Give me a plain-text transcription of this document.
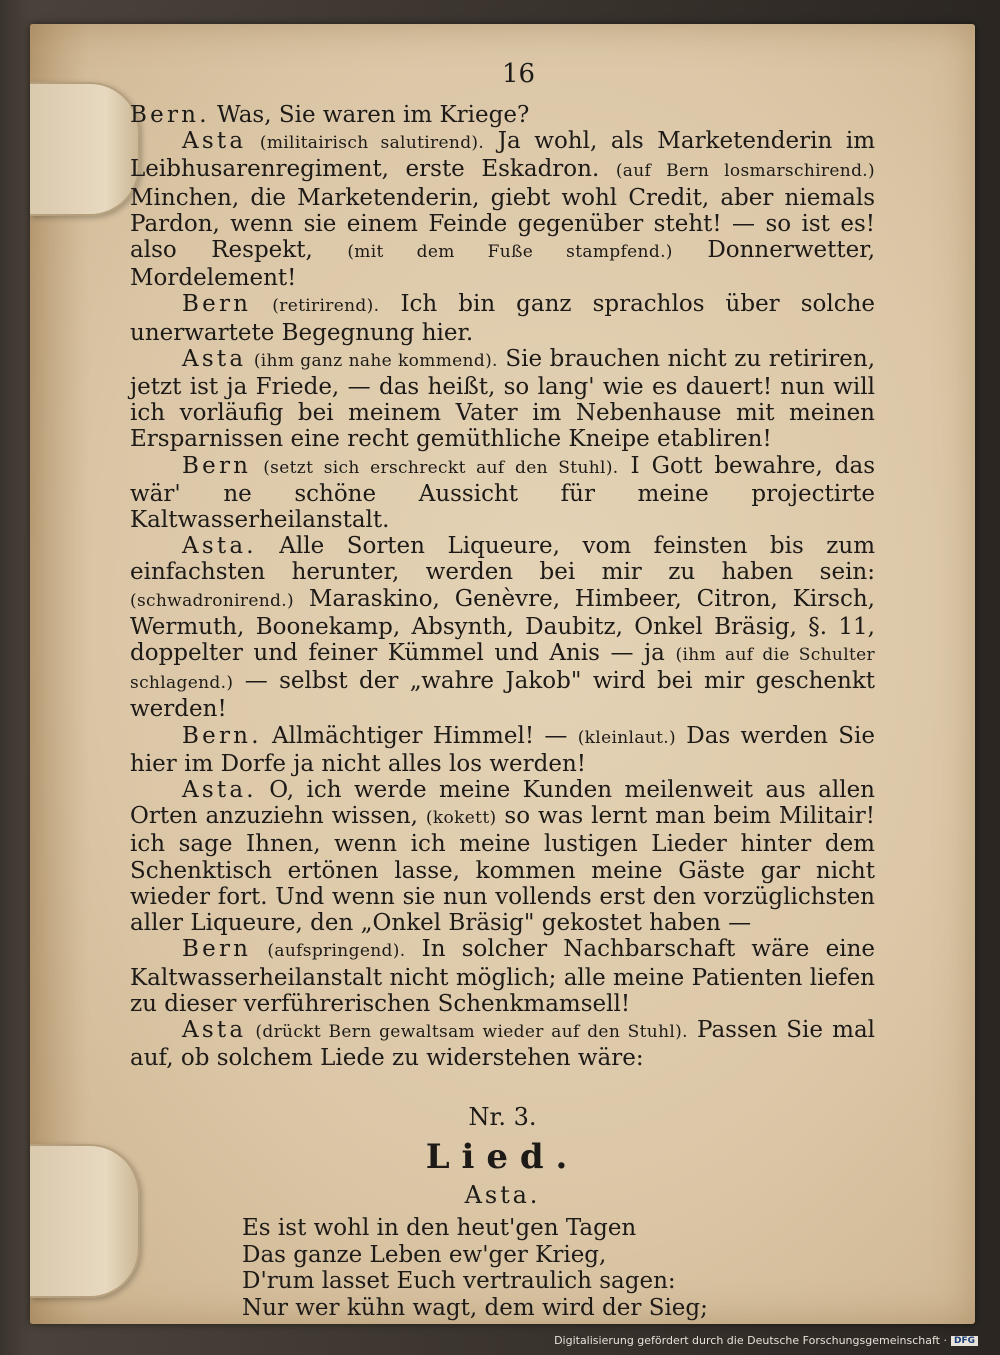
16

Bern. Was, Sie waren im Kriege?

Asta (militairisch salutirend). Ja wohl, als Marketenderin im Leibhusarenregiment, erste Eskadron. (auf Bern losmarschirend.) Minchen, die Marketenderin, giebt wohl Credit, aber niemals Pardon, wenn sie einem Feinde gegenüber steht! — so ist es! also Respekt, (mit dem Fuße stampfend.) Donnerwetter, Mordelement!

Bern (retirirend). Ich bin ganz sprachlos über solche unerwartete Begegnung hier.

Asta (ihm ganz nahe kommend). Sie brauchen nicht zu retiriren, jetzt ist ja Friede, — das heißt, so lang' wie es dauert! nun will ich vorläufig bei meinem Vater im Nebenhause mit meinen Ersparnissen eine recht gemüthliche Kneipe etabliren!

Bern (setzt sich erschreckt auf den Stuhl). I Gott bewahre, das wär' ne schöne Aussicht für meine projectirte Kaltwasserheilanstalt.

Asta. Alle Sorten Liqueure, vom feinsten bis zum einfachsten herunter, werden bei mir zu haben sein: (schwadronirend.) Maraskino, Genèvre, Himbeer, Citron, Kirsch, Wermuth, Boonekamp, Absynth, Daubitz, Onkel Bräsig, §. 11, doppelter und feiner Kümmel und Anis — ja (ihm auf die Schulter schlagend.) — selbst der „wahre Jakob" wird bei mir geschenkt werden!

Bern. Allmächtiger Himmel! — (kleinlaut.) Das werden Sie hier im Dorfe ja nicht alles los werden!

Asta. O, ich werde meine Kunden meilenweit aus allen Orten anzuziehn wissen, (kokett) so was lernt man beim Militair! ich sage Ihnen, wenn ich meine lustigen Lieder hinter dem Schenktisch ertönen lasse, kommen meine Gäste gar nicht wieder fort. Und wenn sie nun vollends erst den vorzüglichsten aller Liqueure, den „Onkel Bräsig" gekostet haben —

Bern (aufspringend). In solcher Nachbarschaft wäre eine Kaltwasserheilanstalt nicht möglich; alle meine Patienten liefen zu dieser verführerischen Schenkmamsell!

Asta (drückt Bern gewaltsam wieder auf den Stuhl). Passen Sie mal auf, ob solchem Liede zu widerstehen wäre:

Nr. 3.
Lied.
Asta.
Es ist wohl in den heut'gen Tagen
Das ganze Leben ew'ger Krieg,
D'rum lasset Euch vertraulich sagen:
Nur wer kühn wagt, dem wird der Sieg;
Digitalisierung gefördert durch die Deutsche Forschungsgemeinschaft · DFG
